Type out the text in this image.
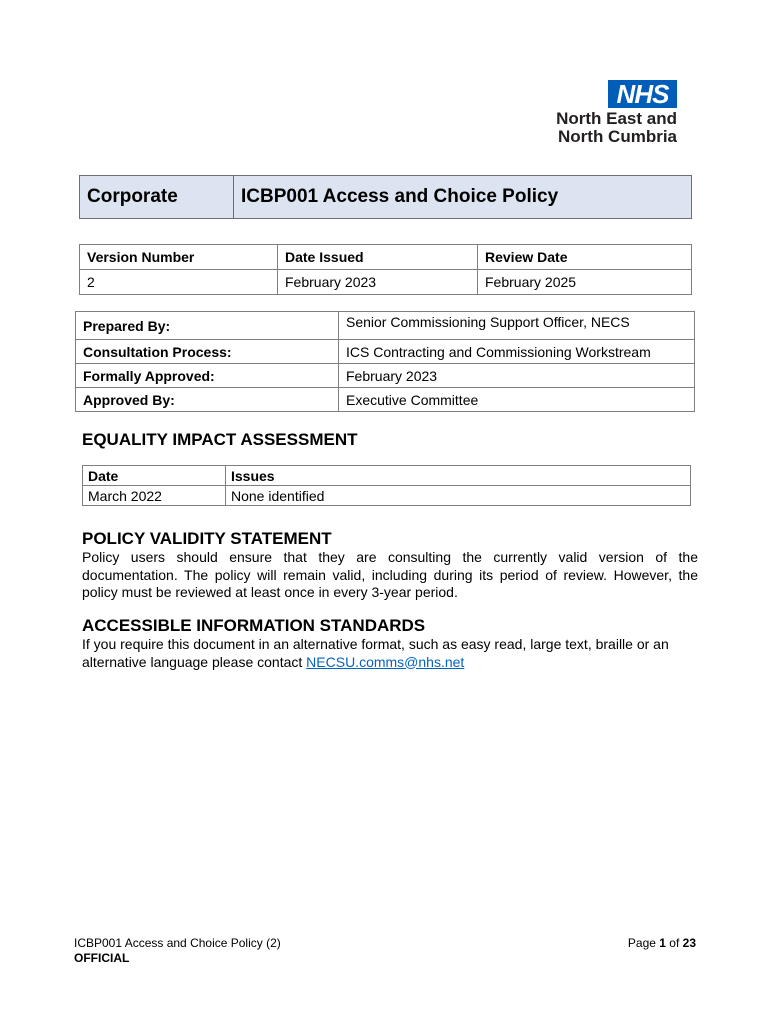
NHS
North East and
North Cumbria
Corporate	ICBP001 Access and Choice Policy
Version Number	Date Issued	Review Date
2	February 2023	February 2025
Prepared By:	Senior Commissioning Support Officer, NECS
Consultation Process:	ICS Contracting and Commissioning Workstream
Formally Approved:	February 2023
Approved By:	Executive Committee
EQUALITY IMPACT ASSESSMENT
Date	Issues
March 2022	None identified
POLICY VALIDITY STATEMENT
Policy users should ensure that they are consulting the currently valid version of the documentation. The policy will remain valid, including during its period of review. However, the policy must be reviewed at least once in every 3-year period.
ACCESSIBLE INFORMATION STANDARDS
If you require this document in an alternative format, such as easy read, large text, braille or an alternative language please contact NECSU.comms@nhs.net
ICBP001 Access and Choice Policy (2)
OFFICIAL
Page 1 of 23
